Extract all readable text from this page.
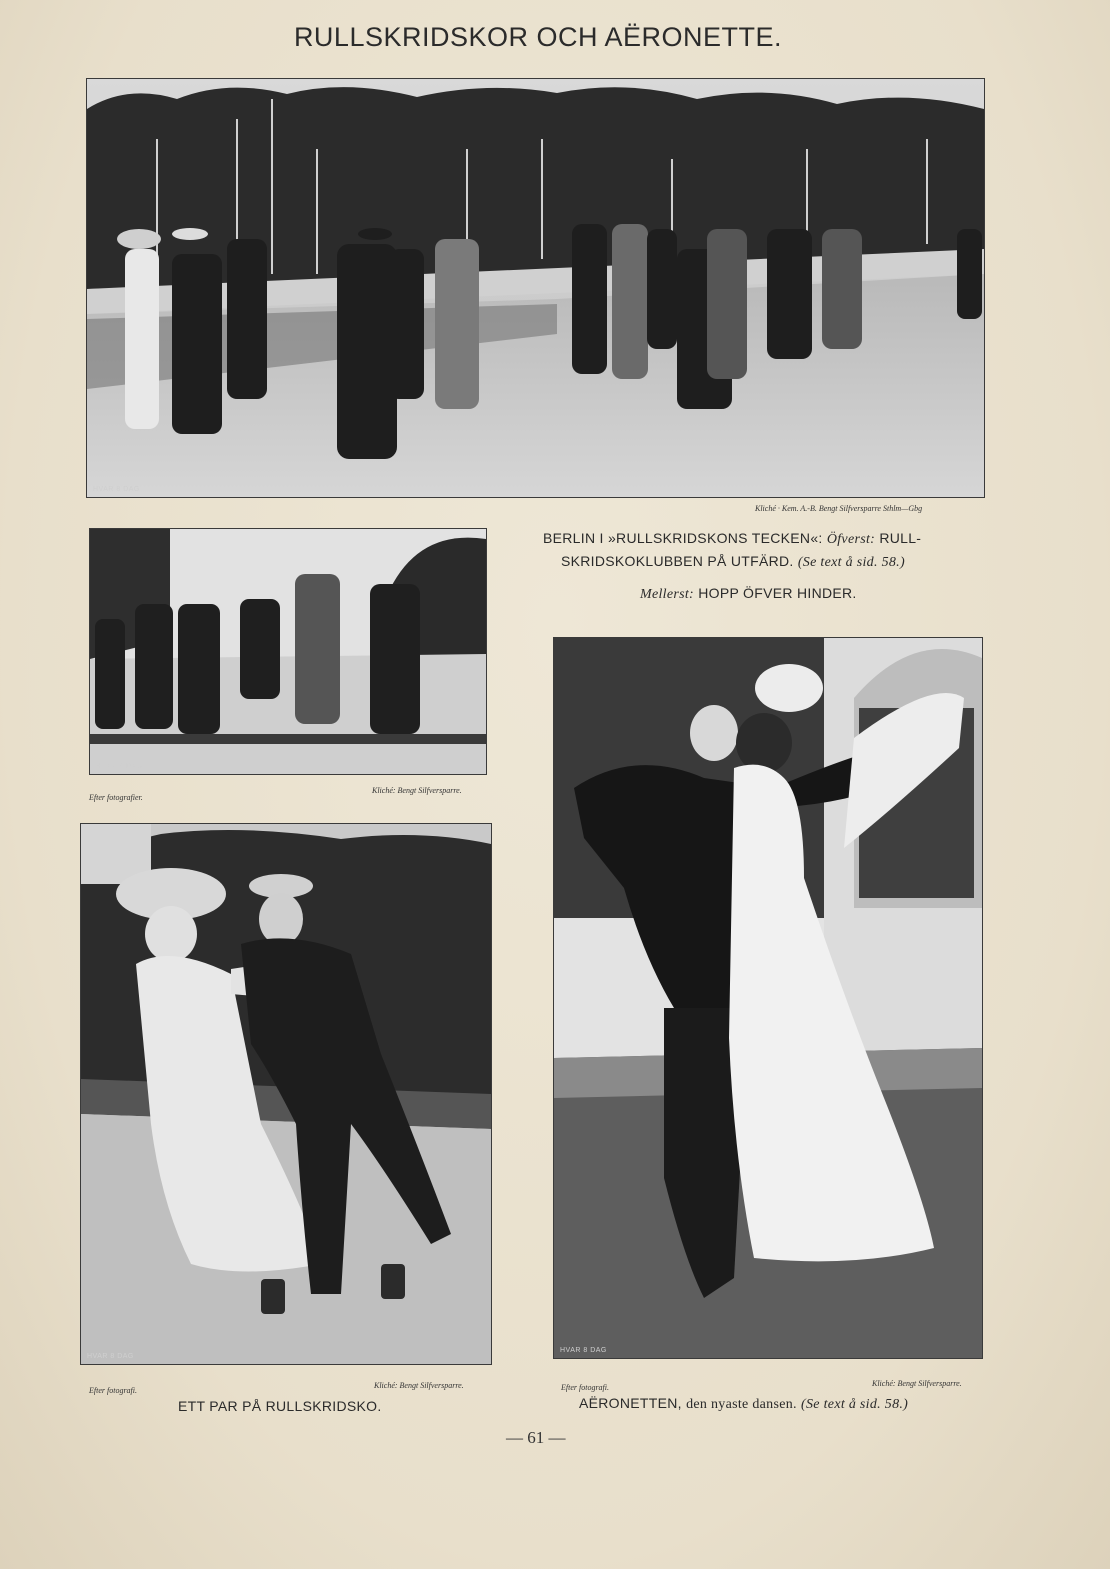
RULLSKRIDSKOR OCH AËRONETTE.
HVAR 8 DAG
Kliché · Kem. A.-B. Bengt Silfversparre Sthlm—Gbg
HVAR 8 DAG
Efter fotografier.
Kliché: Bengt Silfversparre.
BERLIN I »RULLSKRIDSKONS TECKEN«: Öfverst: RULL-
SKRIDSKOKLUBBEN PÅ UTFÄRD. (Se text å sid. 58.)
Mellerst: HOPP ÖFVER HINDER.
HVAR 8 DAG
Efter fotografi.
Kliché: Bengt Silfversparre.
ETT PAR PÅ RULLSKRIDSKO.
HVAR 8 DAG
Efter fotografi.	Kliché: Bengt Silfversparre.
AËRONETTEN, den nyaste dansen. (Se text å sid. 58.)
— 61 —
